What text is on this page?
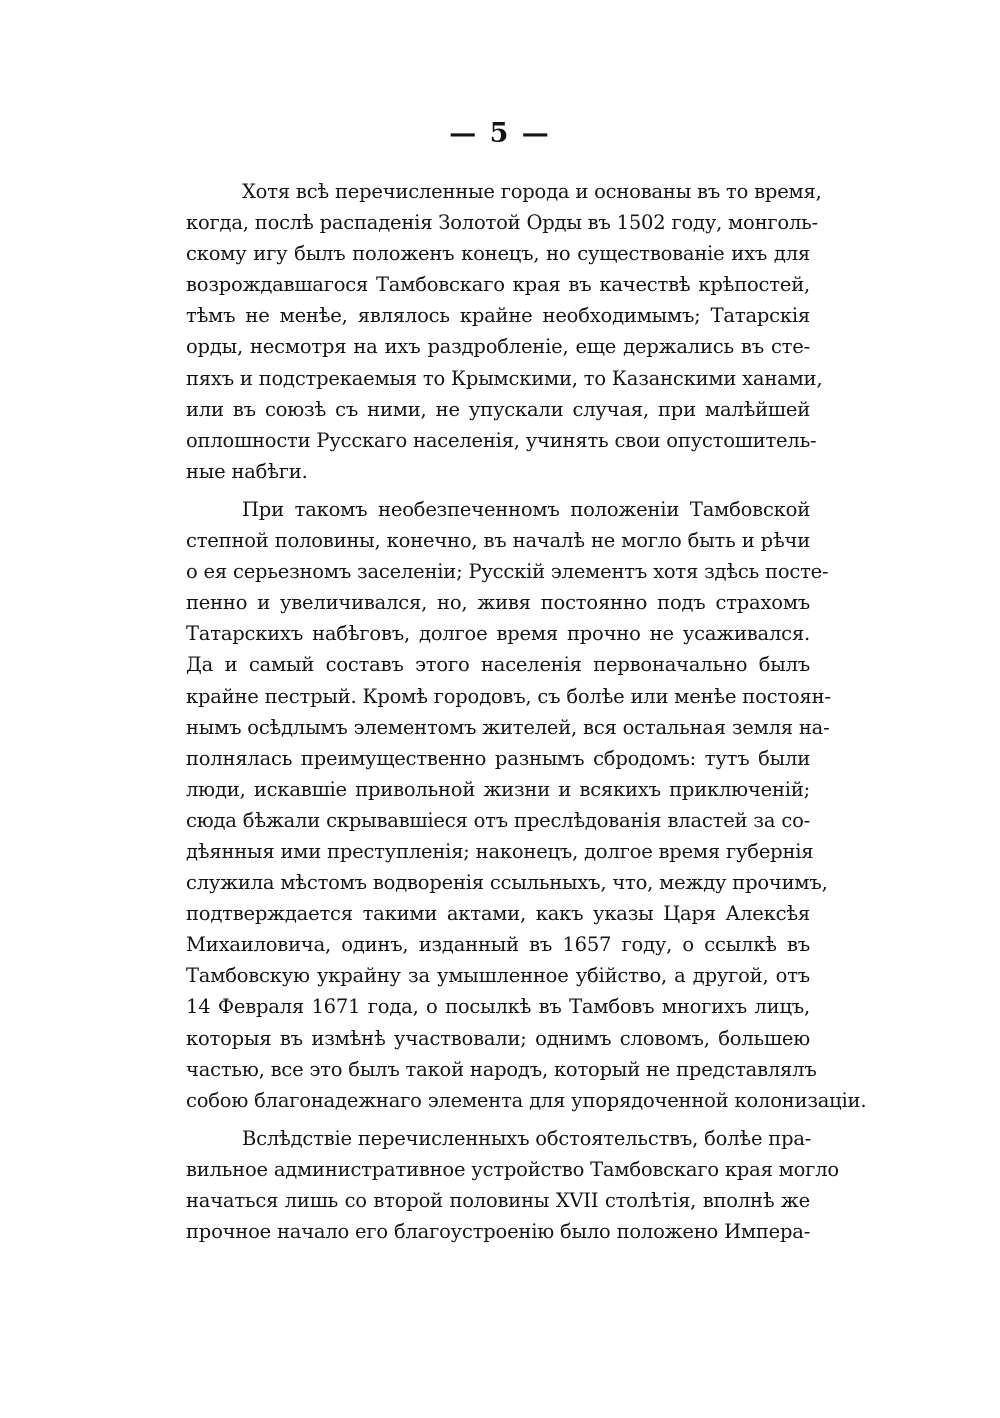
— 5 —
Хотя всѣ перечисленные города и основаны въ то время,
когда, послѣ распаденія Золотой Орды въ 1502 году, монголь-
скому игу былъ положенъ конецъ, но существованіе ихъ для
возрождавшагося Тамбовскаго края въ качествѣ крѣпостей,
тѣмъ не менѣе, являлось крайне необходимымъ; Татарскія
орды, несмотря на ихъ раздробленіе, еще держались въ сте-
пяхъ и подстрекаемыя то Крымскими, то Казанскими ханами,
или въ союзѣ съ ними, не упускали случая, при малѣйшей
оплошности Русскаго населенія, учинять свои опустошитель-
ные набѣги.
При такомъ необезпеченномъ положеніи Тамбовской
степной половины, конечно, въ началѣ не могло быть и рѣчи
о ея серьезномъ заселеніи; Русскій элементъ хотя здѣсь посте-
пенно и увеличивался, но, живя постоянно подъ страхомъ
Татарскихъ набѣговъ, долгое время прочно не усаживался.
Да и самый составъ этого населенія первоначально былъ
крайне пестрый. Кромѣ городовъ, съ болѣе или менѣе постоян-
нымъ осѣдлымъ элементомъ жителей, вся остальная земля на-
полнялась преимущественно разнымъ сбродомъ: тутъ были
люди, искавшіе привольной жизни и всякихъ приключеній;
сюда бѣжали скрывавшіеся отъ преслѣдованія властей за со-
дѣянныя ими преступленія; наконецъ, долгое время губернія
служила мѣстомъ водворенія ссыльныхъ, что, между прочимъ,
подтверждается такими актами, какъ указы Царя Алексѣя
Михаиловича, одинъ, изданный въ 1657 году, о ссылкѣ въ
Тамбовскую украйну за умышленное убійство, а другой, отъ
14 Февраля 1671 года, о посылкѣ въ Тамбовъ многихъ лицъ,
которыя въ измѣнѣ участвовали; однимъ словомъ, большею
частью, все это былъ такой народъ, который не представлялъ
собою благонадежнаго элемента для упорядоченной колонизаціи.
Вслѣдствіе перечисленныхъ обстоятельствъ, болѣе пра-
вильное административное устройство Тамбовскаго края могло
начаться лишь со второй половины XVII столѣтія, вполнѣ же
прочное начало его благоустроенію было положено Импера-
